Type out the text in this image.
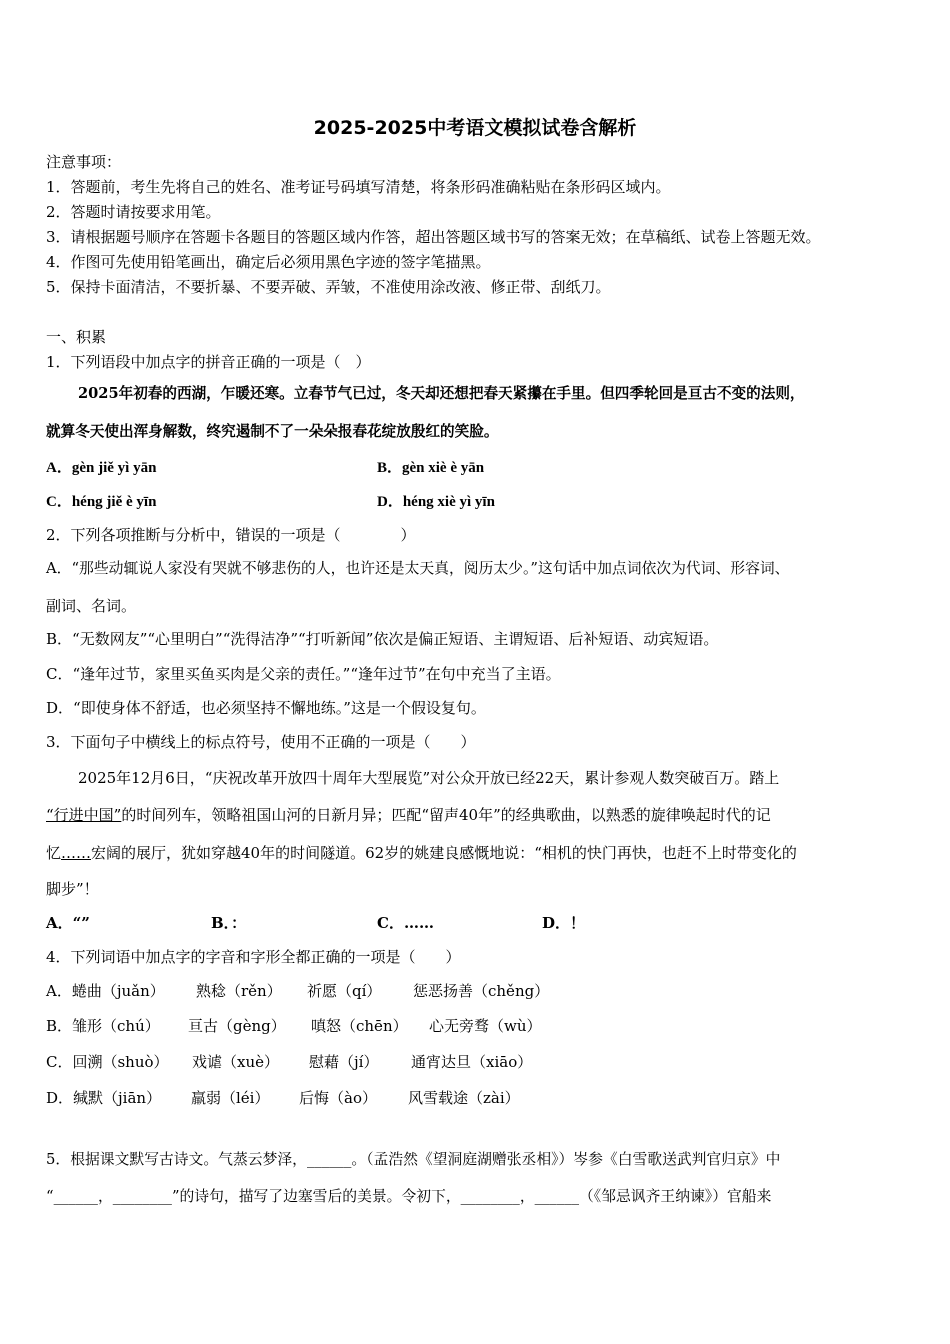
2025-2025中考语文模拟试卷含解析
注意事项：
1．答题前，考生先将自己的姓名、准考证号码填写清楚，将条形码准确粘贴在条形码区域内。
2．答题时请按要求用笔。
3．请根据题号顺序在答题卡各题目的答题区域内作答，超出答题区域书写的答案无效；在草稿纸、试卷上答题无效。
4．作图可先使用铅笔画出，确定后必须用黑色字迹的签字笔描黑。
5．保持卡面清洁，不要折暴、不要弄破、弄皱，不准使用涂改液、修正带、刮纸刀。
一、积累
1．下列语段中加点字的拼音正确的一项是（　）
2025年初春的西湖，乍暖还寒。立春节气已过，冬天却还想把春天紧攥在手里。但四季轮回是亘古不变的法则，
就算冬天使出浑身解数，终究遏制不了一朵朵报春花绽放殷红的笑脸。
A．gèn jiě yì yān	B．gèn xiè è yān
C．héng jiě è yīn	D．héng xiè yì yīn
2．下列各项推断与分析中，错误的一项是（　　　　）
A．“那些动辄说人家没有哭就不够悲伤的人，也许还是太天真，阅历太少。”这句话中加点词依次为代词、形容词、
副词、名词。
B．“无数网友”“心里明白”“洗得洁净”“打听新闻”依次是偏正短语、主谓短语、后补短语、动宾短语。
C．“逢年过节，家里买鱼买肉是父亲的责任。”“逢年过节”在句中充当了主语。
D．“即使身体不舒适，也必须坚持不懈地练。”这是一个假设复句。
3．下面句子中横线上的标点符号，使用不正确的一项是（　　）
2025年12月6日，“庆祝改革开放四十周年大型展览”对公众开放已经22天，累计参观人数突破百万。踏上
“行进中国”的时间列车，领略祖国山河的日新月异；匹配“留声40年”的经典歌曲，以熟悉的旋律唤起时代的记
忆……宏阔的展厅，犹如穿越40年的时间隧道。62岁的姚建良感慨地说：“相机的快门再快，也赶不上时带变化的
脚步”！
A．“”	B．：	C．……	D．！
4．下列词语中加点字的字音和字形全都正确的一项是（　　）
A．蜷曲（juǎn） 熟稔（rěn） 祈愿（qí） 惩恶扬善（chěng）
B．雏形（chú） 亘古（gèng） 嗔怒（chēn） 心无旁骛（wù）
C．回溯（shuò） 戏谑（xuè） 慰藉（jí） 通宵达旦（xiāo）
D．缄默（jiān） 羸弱（léi） 后悔（ào） 风雪载途（zài）
5．根据课文默写古诗文。气蒸云梦泽，______。（孟浩然《望洞庭湖赠张丞相》）岑参《白雪歌送武判官归京》中
“______，________”的诗句，描写了边塞雪后的美景。令初下，________，______（《邹忌讽齐王纳谏》）官船来
